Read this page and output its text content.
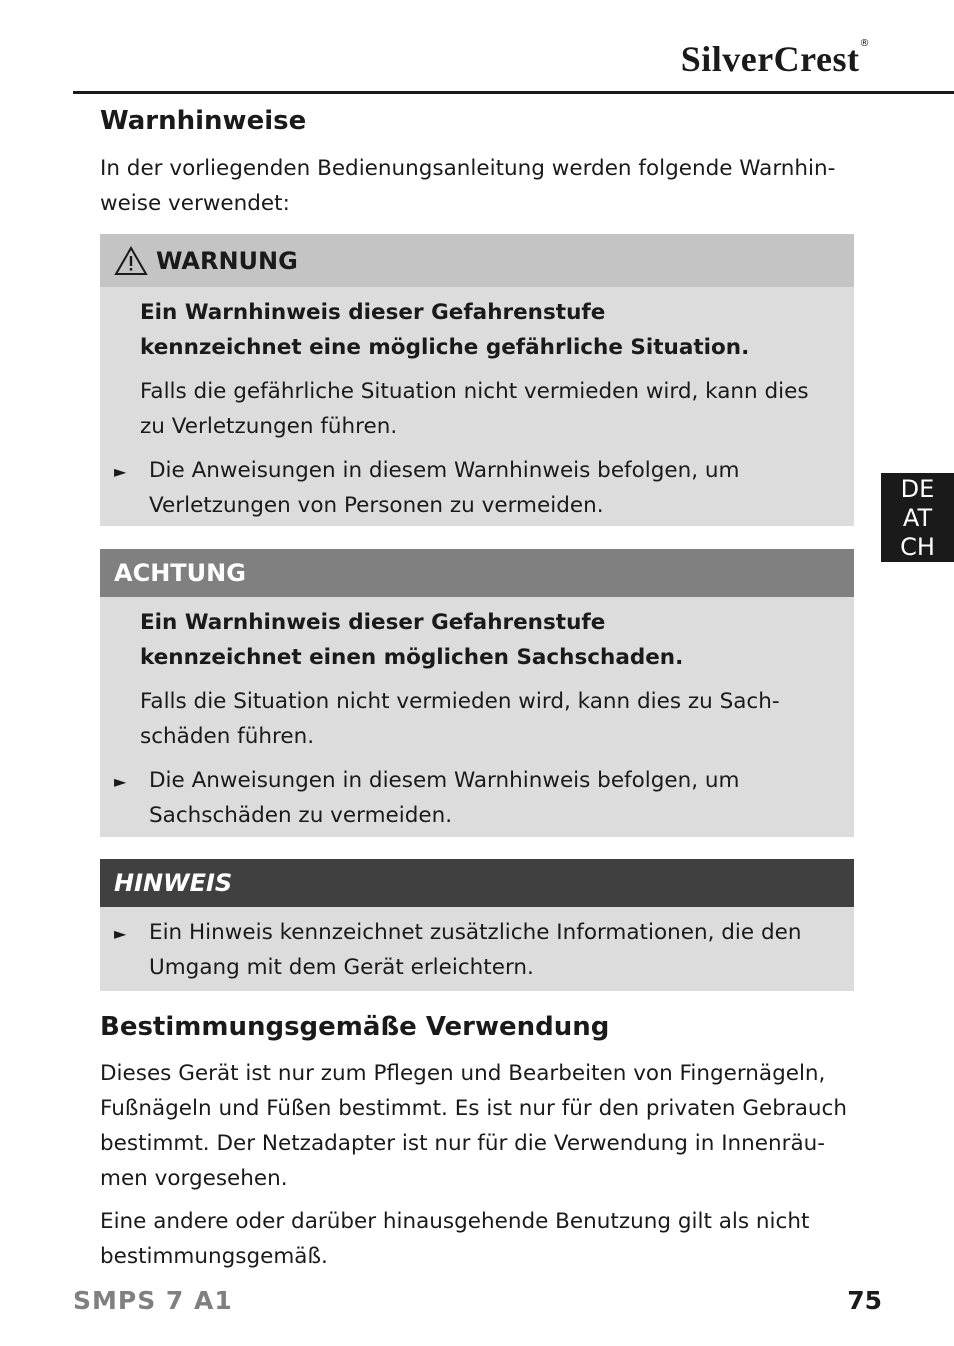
SilverCrest®
DE
AT
CH
Warnhinweise

In der vorliegenden Bedienungsanleitung werden folgende Warnhin-
weise verwendet:

WARNUNG

Ein Warnhinweis dieser Gefahrenstufe
kennzeichnet eine mögliche gefährliche Situation.

Falls die gefährliche Situation nicht vermieden wird, kann dies
zu Verletzungen führen.

► Die Anweisungen in diesem Warnhinweis befolgen, um
Verletzungen von Personen zu vermeiden.
ACHTUNG

Ein Warnhinweis dieser Gefahrenstufe
kennzeichnet einen möglichen Sachschaden.

Falls die Situation nicht vermieden wird, kann dies zu Sach-
schäden führen.

► Die Anweisungen in diesem Warnhinweis befolgen, um
Sachschäden zu vermeiden.
HINWEIS
► Ein Hinweis kennzeichnet zusätzliche Informationen, die den
Umgang mit dem Gerät erleichtern.
Bestimmungsgemäße Verwendung

Dieses Gerät ist nur zum Pflegen und Bearbeiten von Fingernägeln,
Fußnägeln und Füßen bestimmt. Es ist nur für den privaten Gebrauch
bestimmt. Der Netzadapter ist nur für die Verwendung in Innenräu-
men vorgesehen.

Eine andere oder darüber hinausgehende Benutzung gilt als nicht
bestimmungsgemäß.

SMPS 7 A1	75
